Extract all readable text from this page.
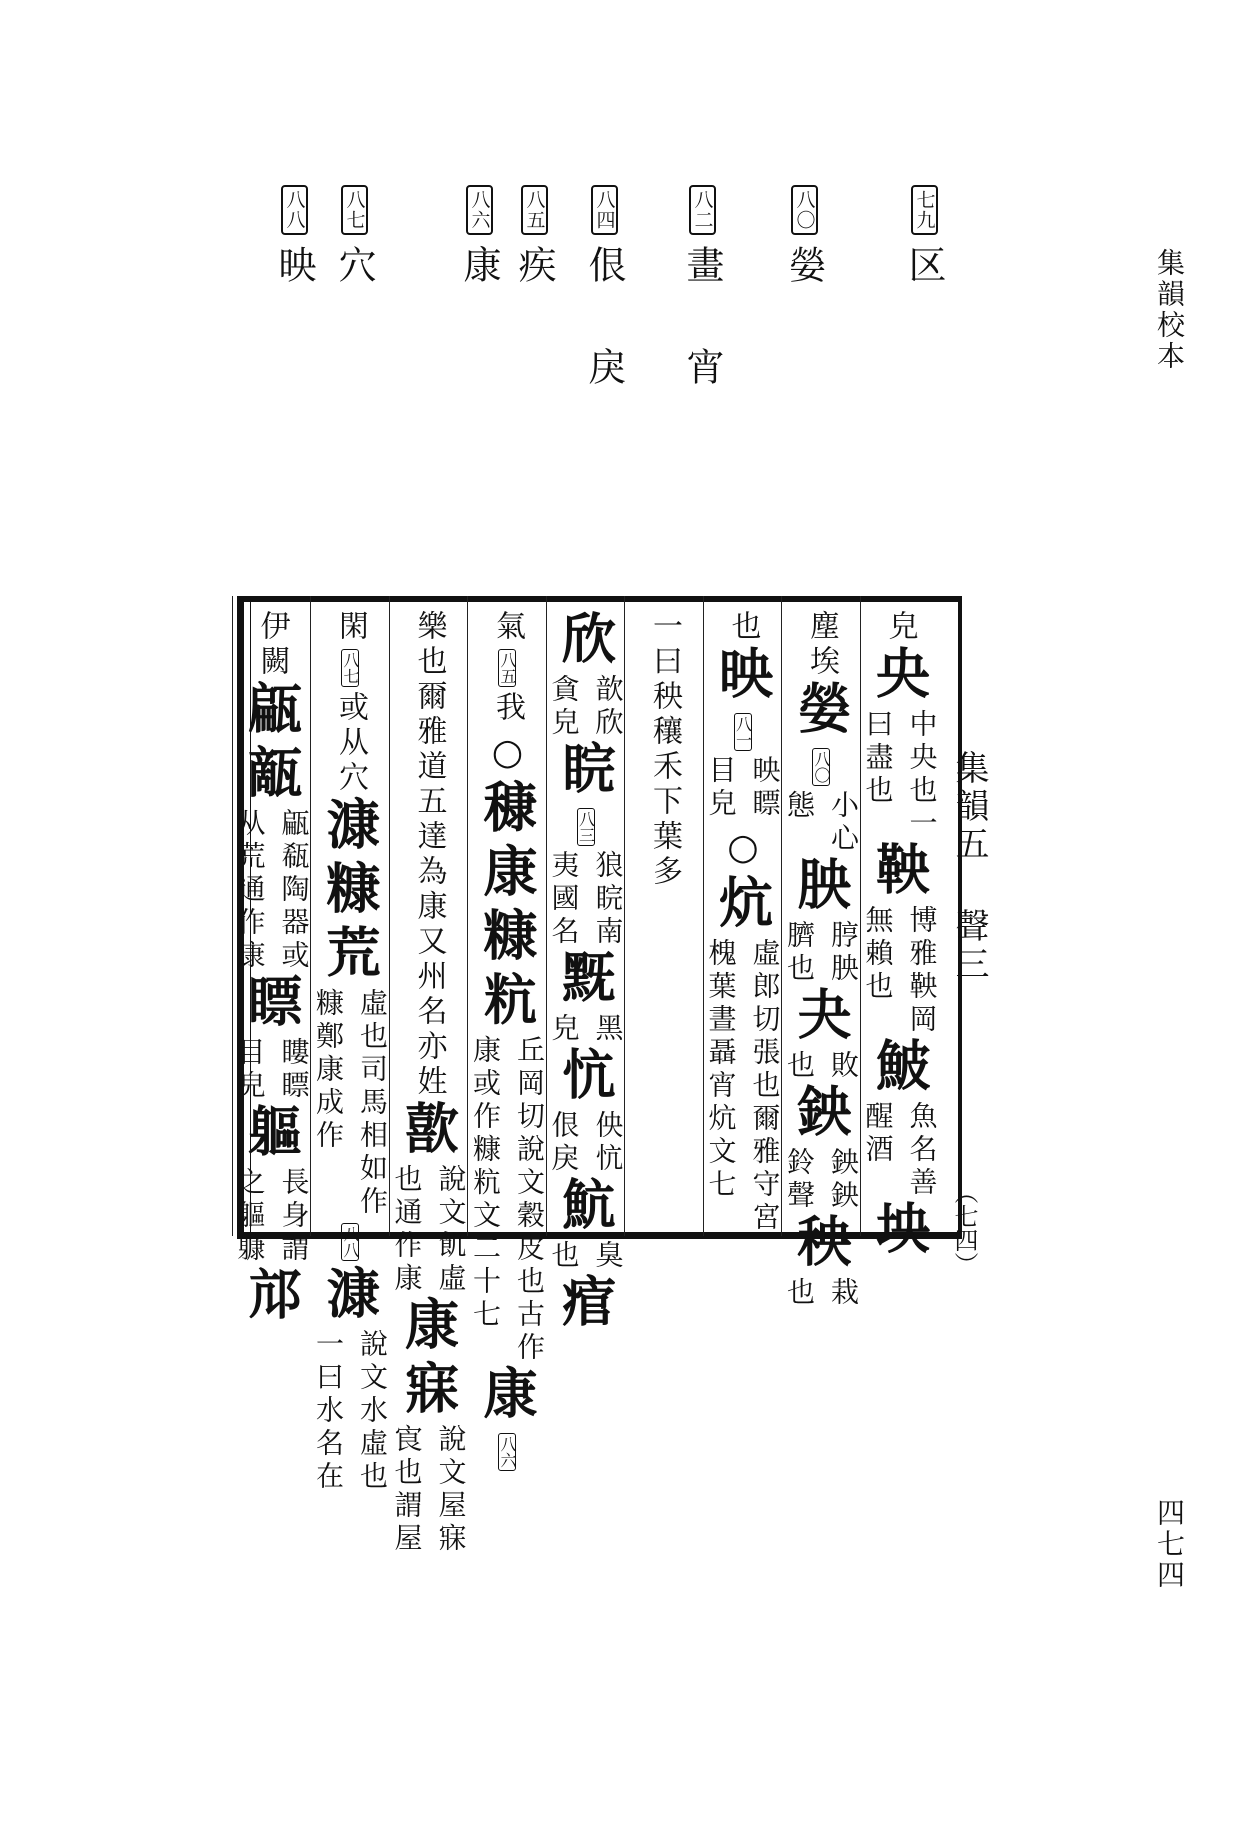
集韻校本
四七四
七九
区
八〇
嫈
八二
畫 宵
八四
佷 戾
八五
疾
八六
康
八七
穴
八八
映
集韻五 聲三
（七四）
皃
央
中央也一
曰盡也
鞅
博雅鞅岡
無賴也
鮍
魚名善
醒酒
坱
塵埃
嫈
八〇
小心
態
胦
脝胦
臍也
夬
敗
也
鉠
鉠鉠
鈴聲
秧
栽
也
也
映
八一
映瞟
目皃
○
炕
虛郎切張也爾雅守宮
槐葉晝聶宵炕文七
一曰秧穰禾下葉多
欣
歆欣
貪皃
睆
八三
狼睆南
夷國名
黖
黑
皃
忼
佒忼
佷戾
魧
臭
也
痯
氣
八五
我
○
穅康糠粇
丘岡切說文穀皮也古作
康或作糠粇文二十七
康
八六
樂也爾雅道五達為康又州名亦姓
歖
說文飢虛
也通作康
康寐
說文屋寐
㝗也謂屋
閑
八七
或从穴
漮糠荒
虛也司馬相如作
糠鄭康成作
八八
漮
說文水虛也
一曰水名在
伊闕
甂甋
甂瓻陶器或
从荒通作康
瞟
瞜瞟
目皃
軀
長身謂
之軀躿
邟
